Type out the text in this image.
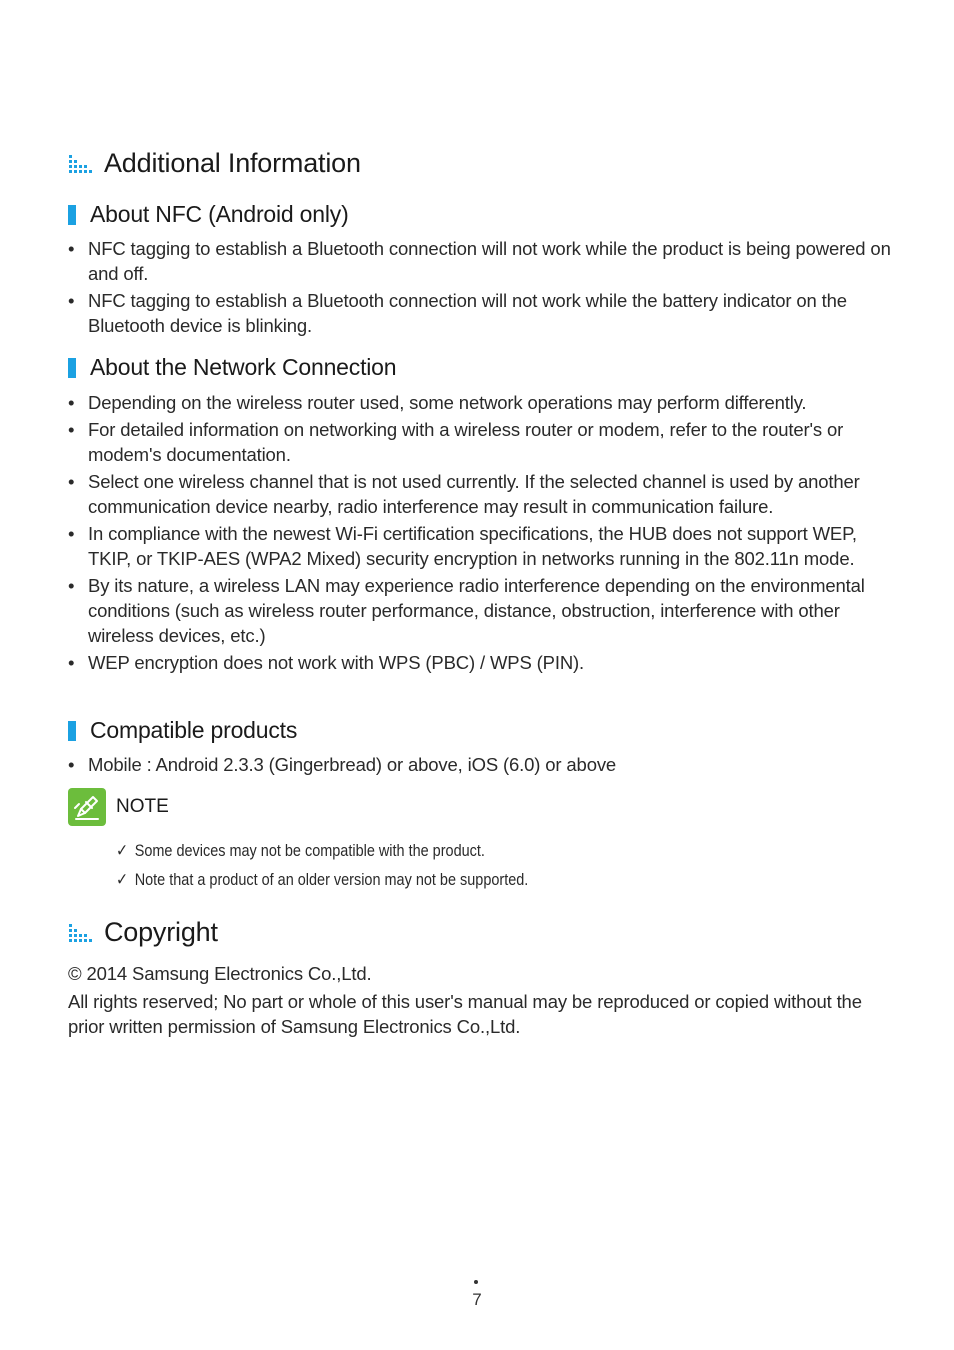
Additional Information
About NFC (Android only)
• NFC tagging to establish a Bluetooth connection will not work while the product is being powered on and off.
• NFC tagging to establish a Bluetooth connection will not work while the battery indicator on the Bluetooth device is blinking.
About the Network Connection
• Depending on the wireless router used, some network operations may perform differently.
• For detailed information on networking with a wireless router or modem, refer to the router's or modem's documentation.
• Select one wireless channel that is not used currently. If the selected channel is used by another communication device nearby, radio interference may result in communication failure.
• In compliance with the newest Wi-Fi certification specifications, the HUB does not support WEP, TKIP, or TKIP-AES (WPA2 Mixed) security encryption in networks running in the 802.11n mode.
• By its nature, a wireless LAN may experience radio interference depending on the environmental conditions (such as wireless router performance, distance, obstruction, interference with other wireless devices, etc.)
• WEP encryption does not work with WPS (PBC) / WPS (PIN).
Compatible products
• Mobile : Android 2.3.3 (Gingerbread) or above, iOS (6.0) or above
NOTE
✓ Some devices may not be compatible with the product.
✓ Note that a product of an older version may not be supported.
Copyright
© 2014 Samsung Electronics Co.,Ltd.
All rights reserved; No part or whole of this user's manual may be reproduced or copied without the prior written permission of Samsung Electronics Co.,Ltd.
7
